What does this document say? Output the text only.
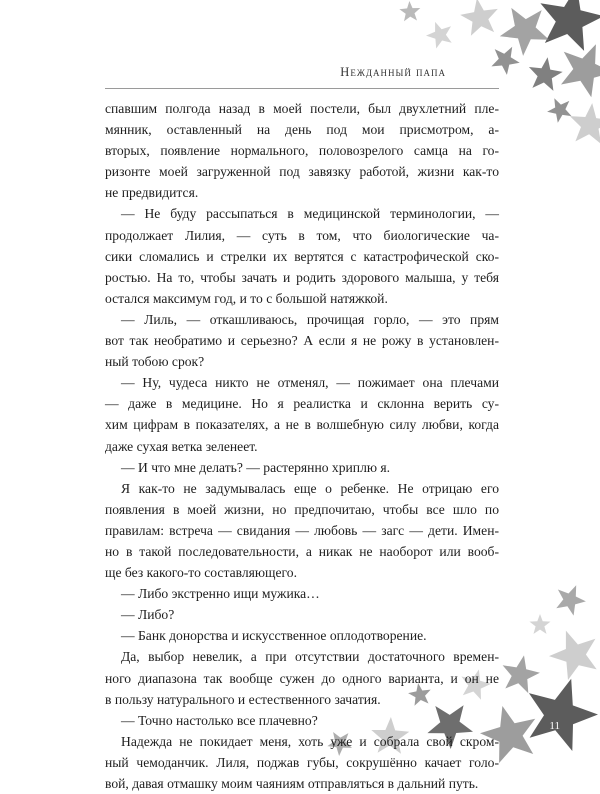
Нежданный папа
спавшим полгода назад в моей постели, был двухлетний пле-
мянник, оставленный на день под мои присмотром, а-
вторых, появление нормального, половозрелого самца на го-
ризонте моей загруженной под завязку работой, жизни как-то
не предвидится.
— Не буду рассыпаться в медицинской терминологии, —
продолжает Лилия, — суть в том, что биологические ча-
сики сломались и стрелки их вертятся с катастрофической ско-
ростью. На то, чтобы зачать и родить здорового малыша, у тебя
остался максимум год, и то с большой натяжкой.
— Лиль, — откашливаюсь, прочищая горло, — это прям
вот так необратимо и серьезно? А если я не рожу в установлен-
ный тобою срок?
— Ну, чудеса никто не отменял, — пожимает она плечами
— даже в медицине. Но я реалистка и склонна верить су-
хим цифрам в показателях, а не в волшебную силу любви, когда
даже сухая ветка зеленеет.
— И что мне делать? — растерянно хриплю я.
Я как-то не задумывалась еще о ребенке. Не отрицаю его
появления в моей жизни, но предпочитаю, чтобы все шло по
правилам: встреча — свидания — любовь — загс — дети. Имен-
но в такой последовательности, а никак не наоборот или вооб-
ще без какого-то составляющего.
— Либо экстренно ищи мужика…
— Либо?
— Банк донорства и искусственное оплодотворение.
Да, выбор невелик, а при отсутствии достаточного времен-
ного диапазона так вообще сужен до одного варианта, и он не
в пользу натурального и естественного зачатия.
— Точно настолько все плачевно?
Надежда не покидает меня, хоть уже и собрала свой скром-
ный чемоданчик. Лиля, поджав губы, сокрушённо качает голо-
вой, давая отмашку моим чаяниям отправляться в дальний путь.
11
